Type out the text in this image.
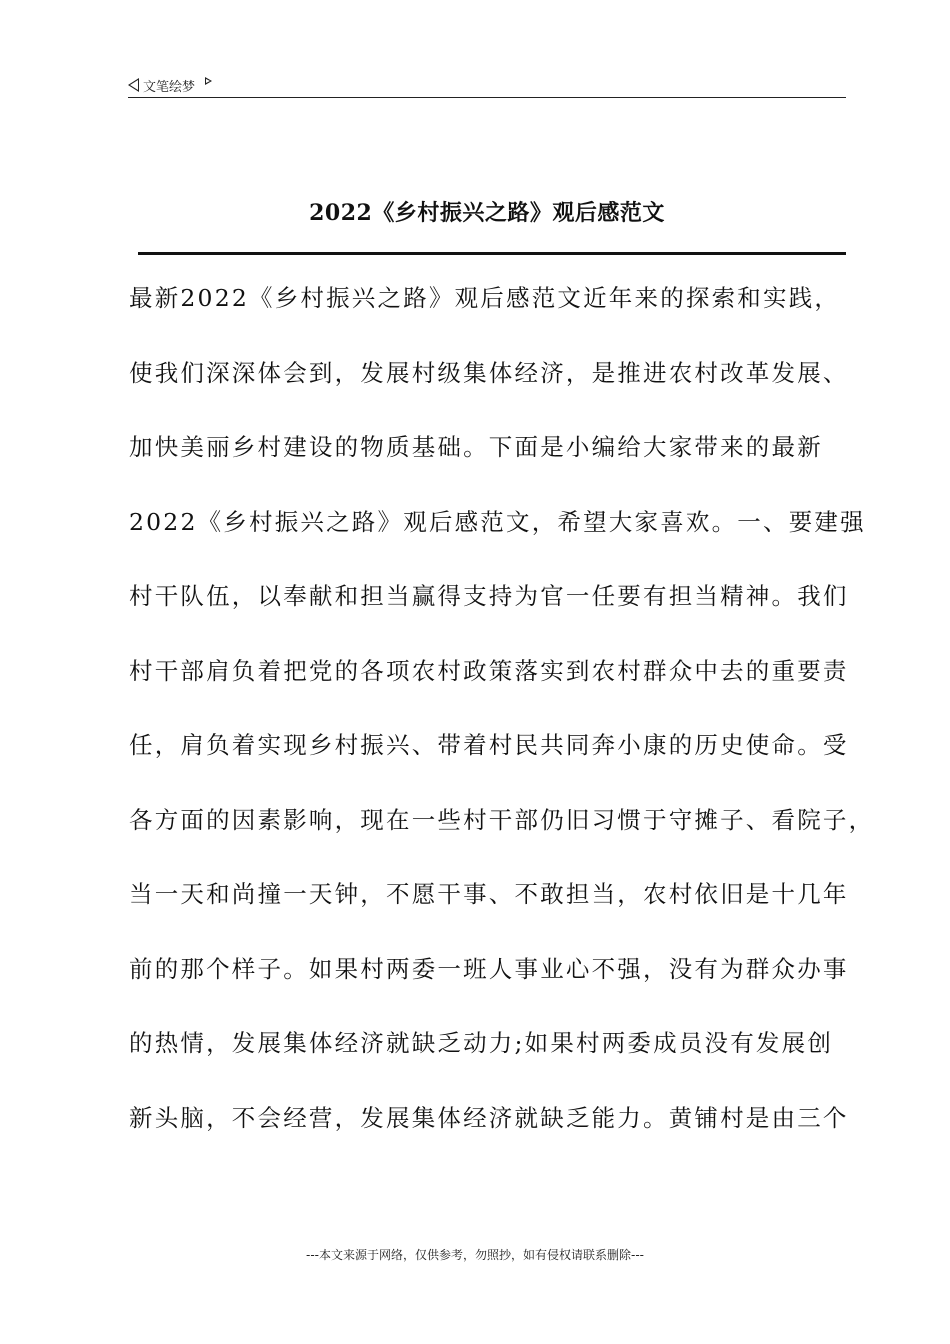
文笔绘梦
2022《乡村振兴之路》观后感范文
最新2022《乡村振兴之路》观后感范文近年来的探索和实践，
使我们深深体会到，发展村级集体经济，是推进农村改革发展、
加快美丽乡村建设的物质基础。下面是小编给大家带来的最新
2022《乡村振兴之路》观后感范文，希望大家喜欢。一、要建强
村干队伍，以奉献和担当赢得支持为官一任要有担当精神。我们
村干部肩负着把党的各项农村政策落实到农村群众中去的重要责
任，肩负着实现乡村振兴、带着村民共同奔小康的历史使命。受
各方面的因素影响，现在一些村干部仍旧习惯于守摊子、看院子，
当一天和尚撞一天钟，不愿干事、不敢担当，农村依旧是十几年
前的那个样子。如果村两委一班人事业心不强，没有为群众办事
的热情，发展集体经济就缺乏动力;如果村两委成员没有发展创
新头脑，不会经营，发展集体经济就缺乏能力。黄铺村是由三个
---本文来源于网络，仅供参考，勿照抄，如有侵权请联系删除---
